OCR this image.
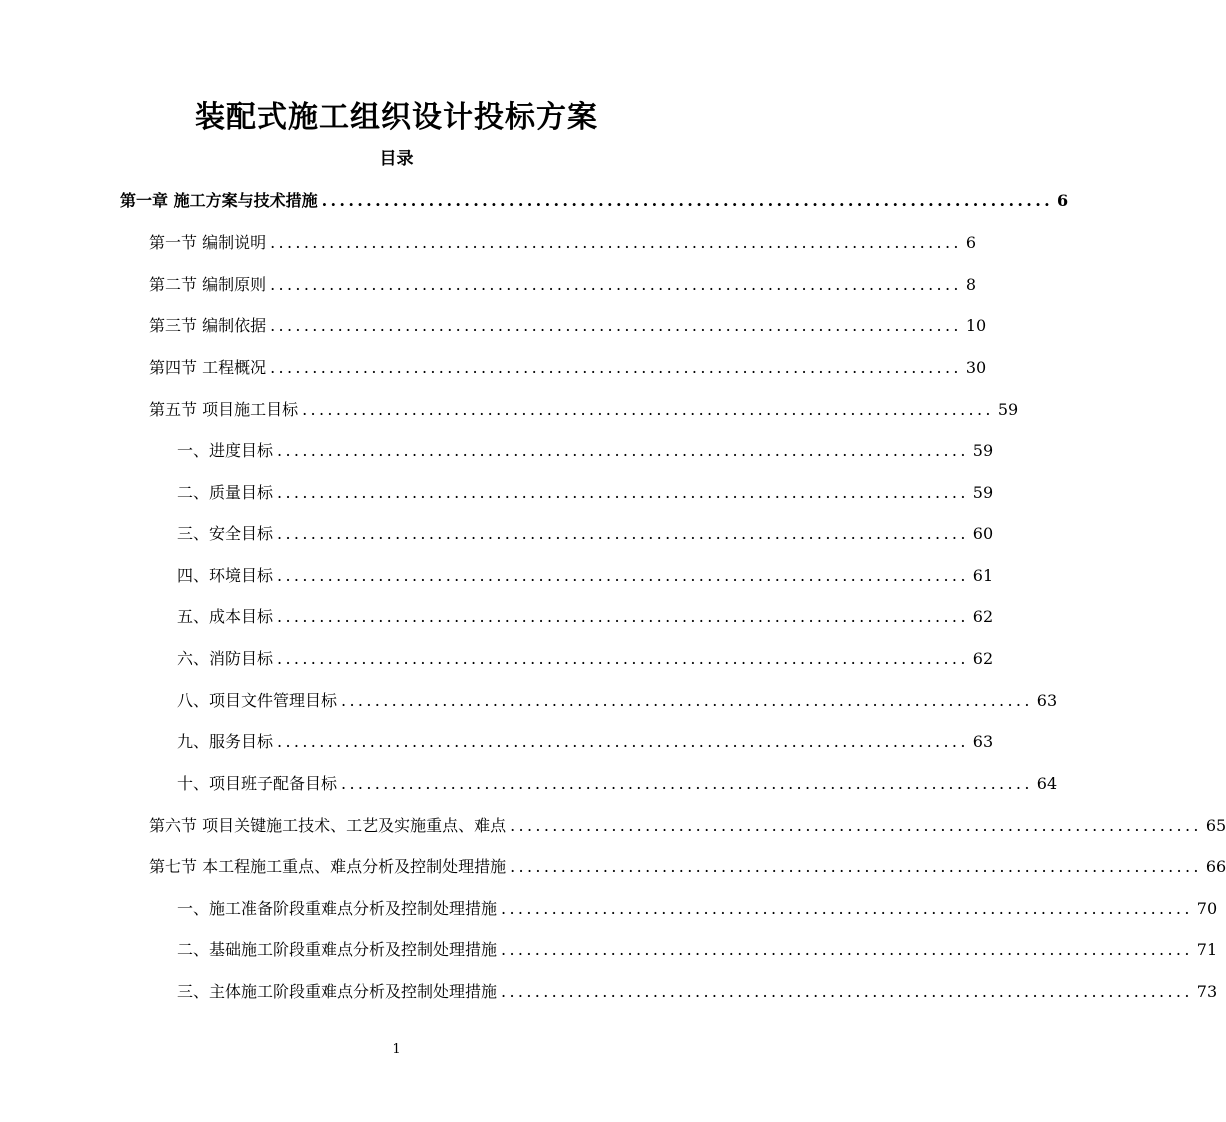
装配式施工组织设计投标方案
目录
第一章 施工方案与技术措施 .................................................................................. 6
第一节 编制说明 .................................................................................. 6
第二节 编制原则 .................................................................................. 8
第三节 编制依据 .................................................................................. 10
第四节 工程概况 .................................................................................. 30
第五节 项目施工目标 .................................................................................. 59
一、进度目标 .................................................................................. 59
二、质量目标 .................................................................................. 59
三、安全目标 .................................................................................. 60
四、环境目标 .................................................................................. 61
五、成本目标 .................................................................................. 62
六、消防目标 .................................................................................. 62
八、项目文件管理目标 .................................................................................. 63
九、服务目标 .................................................................................. 63
十、项目班子配备目标 .................................................................................. 64
第六节 项目关键施工技术、工艺及实施重点、难点 .................................................................................. 65
第七节 本工程施工重点、难点分析及控制处理措施 .................................................................................. 66
一、施工准备阶段重难点分析及控制处理措施 .................................................................................. 70
二、基础施工阶段重难点分析及控制处理措施 .................................................................................. 71
三、主体施工阶段重难点分析及控制处理措施 .................................................................................. 73
1
